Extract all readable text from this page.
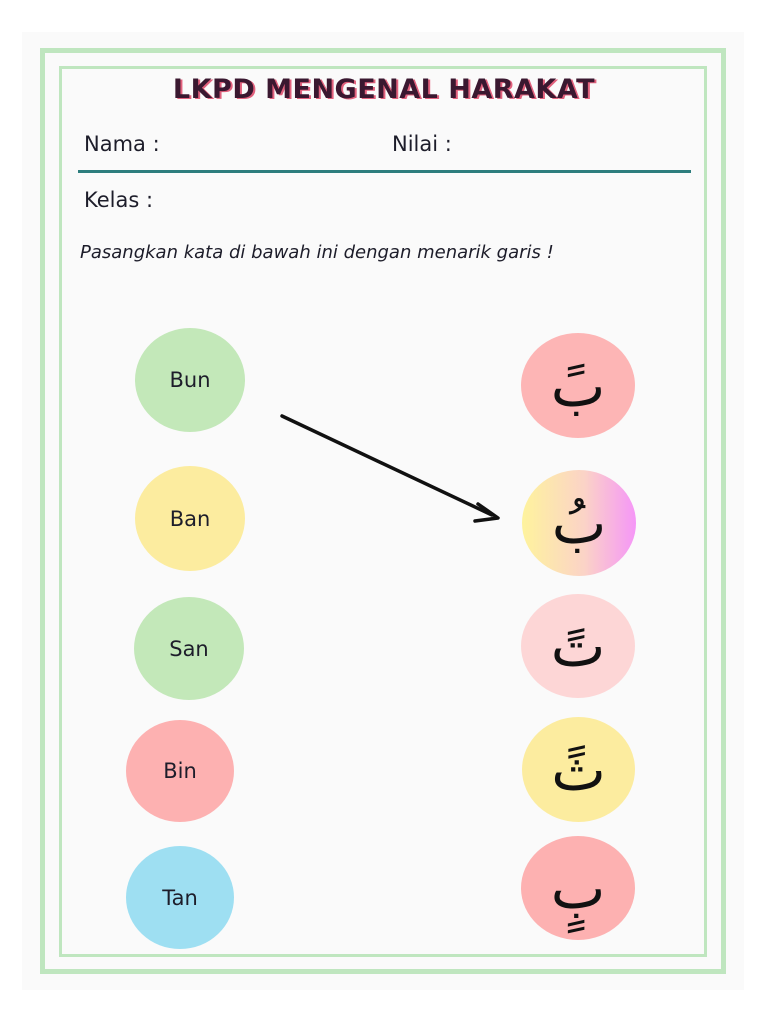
LKPD MENGENAL HARAKAT
Nama :	Nilai :
Kelas :
Pasangkan kata di bawah ini dengan menarik garis !
Bun
Ban
San
Bin
Tan
بً
بُ
تً
ثً
بٍ
